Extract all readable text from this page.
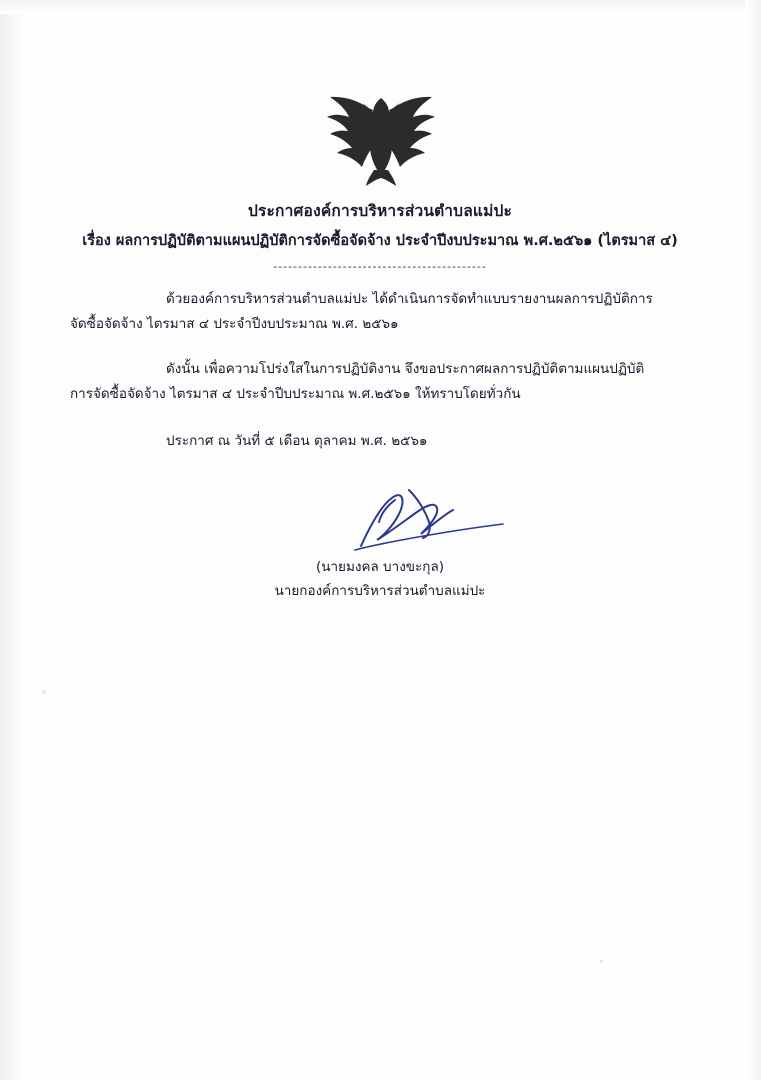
ประกาศองค์การบริหารส่วนตำบลแม่ปะ
เรื่อง ผลการปฏิบัติตามแผนปฏิบัติการจัดซื้อจัดจ้าง ประจำปีงบประมาณ พ.ศ.๒๕๖๑ (ไตรมาส ๔)
-------------------------------------------
ด้วยองค์การบริหารส่วนตำบลแม่ปะ ได้ดำเนินการจัดทำแบบรายงานผลการปฏิบัติการ
จัดซื้อจัดจ้าง ไตรมาส ๔ ประจำปีงบประมาณ พ.ศ. ๒๕๖๑
ดังนั้น เพื่อความโปร่งใสในการปฏิบัติงาน จึงขอประกาศผลการปฏิบัติตามแผนปฏิบัติ
การจัดซื้อจัดจ้าง ไตรมาส ๔ ประจำปีบประมาณ พ.ศ.๒๕๖๑ ให้ทราบโดยทั่วกัน
ประกาศ ณ วันที่ ๕ เดือน ตุลาคม พ.ศ. ๒๕๖๑
(นายมงคล บางขะกุล)
นายกองค์การบริหารส่วนตำบลแม่ปะ
